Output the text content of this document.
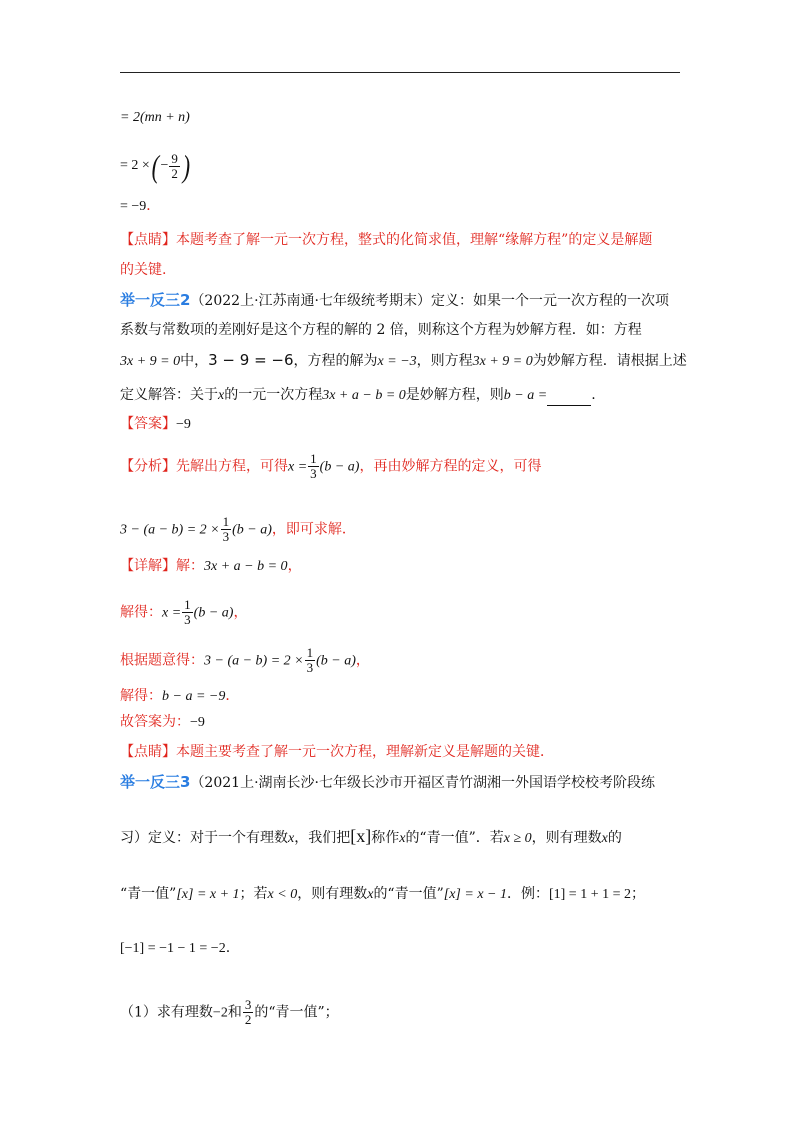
= 2(mn + n)
= 2 ×( − $\frac{9}{2}$ )
= −9．
【点睛】本题考查了解一元一次方程，整式的化简求值，理解“缘解方程”的定义是解题
的关键.
举一反三2（2022上·江苏南通·七年级统考期末）定义：如果一个一元一次方程的一次项
系数与常数项的差刚好是这个方程的解的 2 倍，则称这个方程为妙解方程．如：方程
3x + 9 = 0中，3 − 9 = −6，方程的解为x = −3，则方程3x + 9 = 0为妙解方程．请根据上述
定义解答：关于x的一元一次方程3x + a − b = 0是妙解方程，则b − a =	.
【答案】−9
【分析】先解出方程，可得$x = \frac{1}{3} (b - a)$，再由妙解方程的定义，可得
$3 - (a - b) = 2 \times \frac{1}{3} (b - a)$，即可求解．
【详解】解：3x + a − b = 0，
解得：$x = \frac{1}{3} (b - a)$，
根据题意得：$3 - (a - b) = 2 \times \frac{1}{3} (b - a)$，
解得：b − a = −9．
故答案为：−9
【点睛】本题主要考查了解一元一次方程，理解新定义是解题的关键．
举一反三3（2021上·湖南长沙·七年级长沙市开福区青竹湖湘一外国语学校校考阶段练
习）定义：对于一个有理数x，我们把[x]称作x的“青一值”．若x ≥ 0，则有理数x的
“青一值”[x] = x + 1；若x < 0，则有理数x的“青一值”[x] = x − 1．例：[1] = 1 + 1 = 2；
[−1] = −1 − 1 = −2.
（1）求有理数−2和 $\frac{3}{2}$ 的“青一值”；
